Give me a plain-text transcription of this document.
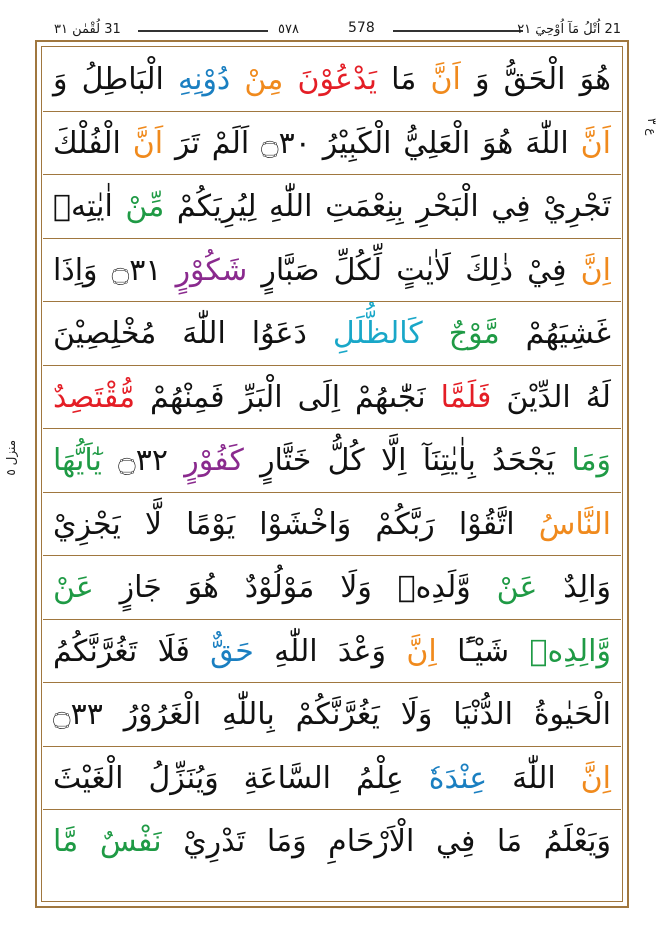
31 لُقْمٰن ٣١	٥٧٨	578	21 اُتْلُ مَآ اُوْحِيَ ٢١
ع ٣
منزل ٥
هُوَ الْحَقُّ وَ اَنَّ مَا يَدْعُوْنَ مِنْ دُوْنِهِ الْبَاطِلُ وَ
اَنَّ اللّٰهَ هُوَ الْعَلِيُّ الْكَبِيْرُ ۝٣٠ اَلَمْ تَرَ اَنَّ الْفُلْكَ
تَجْرِيْ فِي الْبَحْرِ بِنِعْمَتِ اللّٰهِ لِيُرِيَكُمْ مِّنْ اٰيٰتِهٖ
اِنَّ فِيْ ذٰلِكَ لَاٰيٰتٍ لِّكُلِّ صَبَّارٍ شَكُوْرٍ ۝٣١ وَاِذَا
غَشِيَهُمْ مَّوْجٌ كَالظُّلَلِ دَعَوُا اللّٰهَ مُخْلِصِيْنَ
لَهُ الدِّيْنَ فَلَمَّا نَجّٰىهُمْ اِلَى الْبَرِّ فَمِنْهُمْ مُّقْتَصِدٌ
وَمَا يَجْحَدُ بِاٰيٰتِنَآ اِلَّا كُلُّ خَتَّارٍ كَفُوْرٍ ۝٣٢ يٰٓاَيُّهَا
النَّاسُ اتَّقُوْا رَبَّكُمْ وَاخْشَوْا يَوْمًا لَّا يَجْزِيْ
وَالِدٌ عَنْ وَّلَدِهٖ وَلَا مَوْلُوْدٌ هُوَ جَازٍ عَنْ
وَّالِدِهٖ شَيْـًٔا اِنَّ وَعْدَ اللّٰهِ حَقٌّ فَلَا تَغُرَّنَّكُمُ
الْحَيٰوةُ الدُّنْيَا وَلَا يَغُرَّنَّكُمْ بِاللّٰهِ الْغَرُوْرُ ۝٣٣
اِنَّ اللّٰهَ عِنْدَهٗ عِلْمُ السَّاعَةِ وَيُنَزِّلُ الْغَيْثَ
وَيَعْلَمُ مَا فِي الْاَرْحَامِ وَمَا تَدْرِيْ نَفْسٌ مَّا
